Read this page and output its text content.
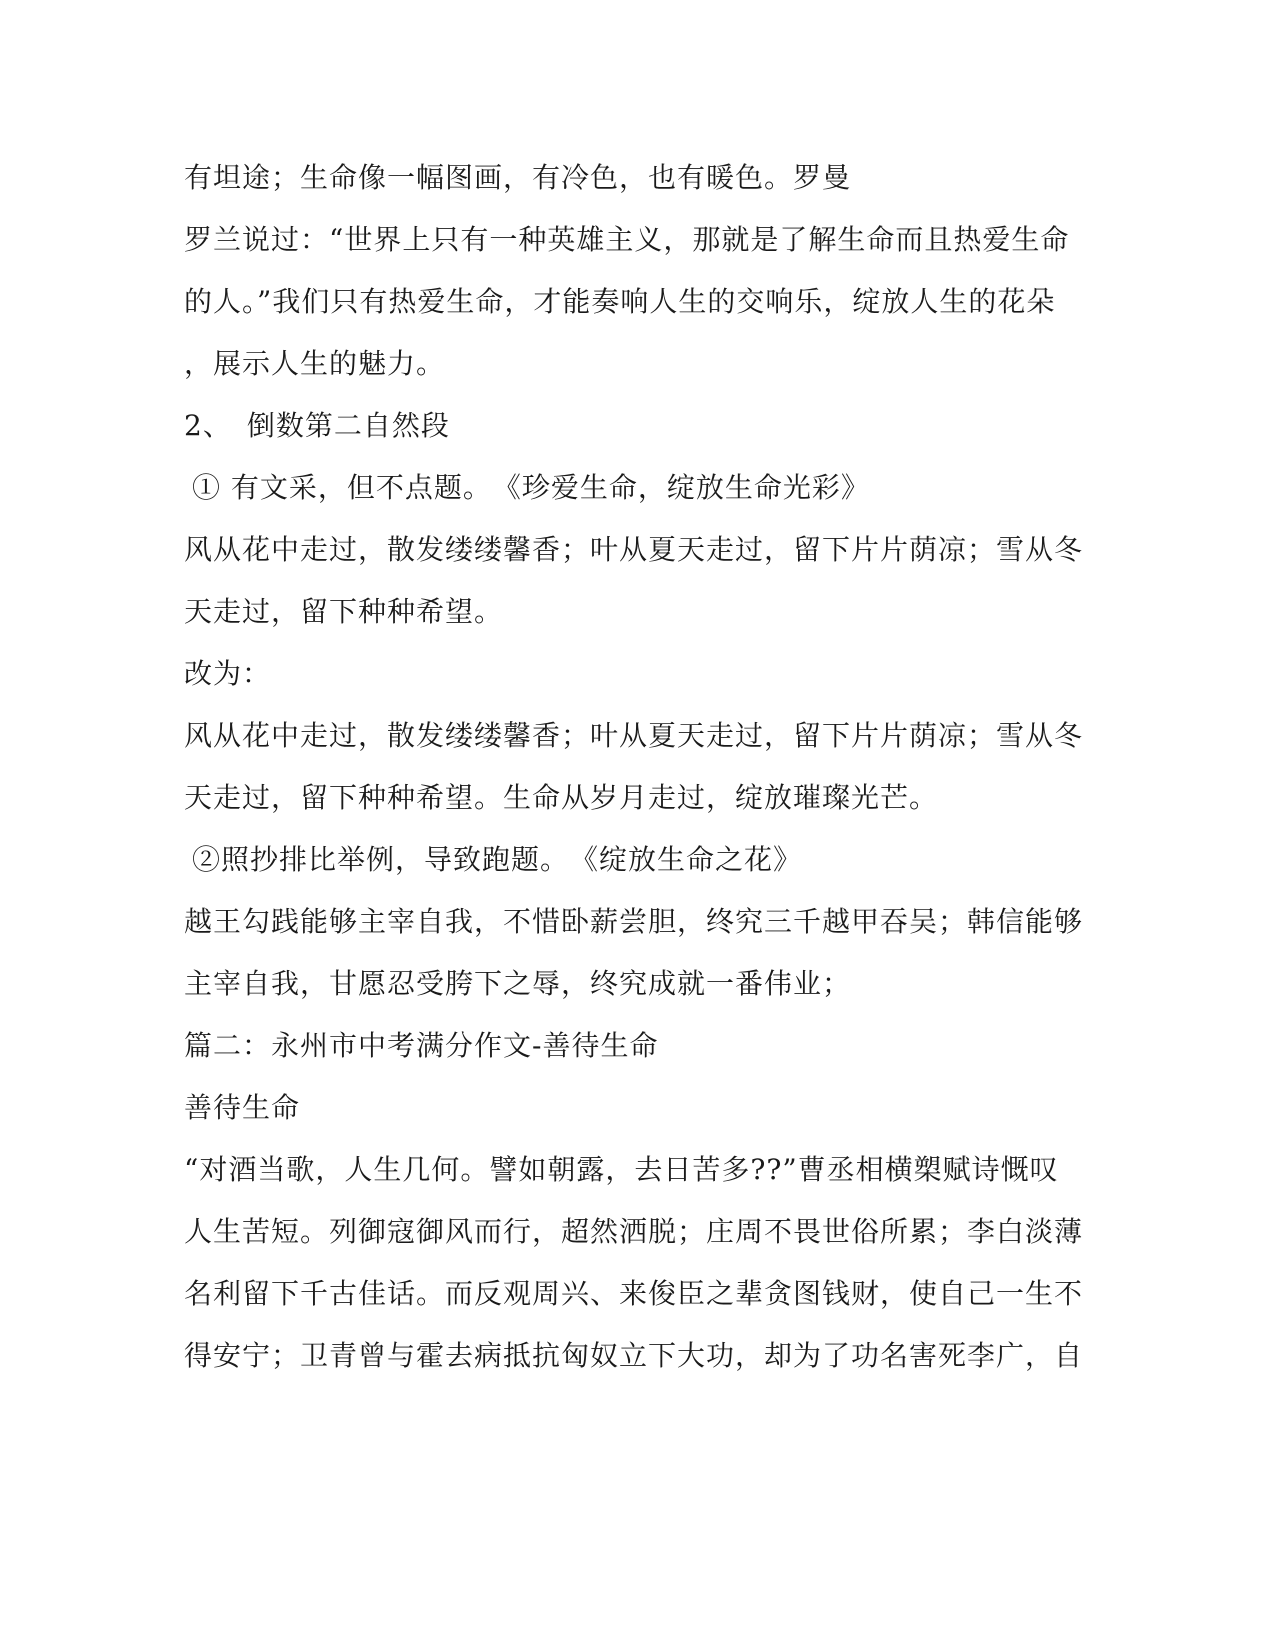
有坦途；生命像一幅图画，有冷色，也有暖色。罗曼
罗兰说过：“世界上只有一种英雄主义，那就是了解生命而且热爱生命
的人。”我们只有热爱生命，才能奏响人生的交响乐，绽放人生的花朵
，展示人生的魅力。
2、　倒数第二自然段
① 有文采，但不点题。　《珍爱生命，绽放生命光彩》
风从花中走过，散发缕缕馨香；叶从夏天走过，留下片片荫凉；雪从冬
天走过，留下种种希望。
改为：
风从花中走过，散发缕缕馨香；叶从夏天走过，留下片片荫凉；雪从冬
天走过，留下种种希望。生命从岁月走过，绽放璀璨光芒。
②照抄排比举例，导致跑题。　《绽放生命之花》
越王勾践能够主宰自我，不惜卧薪尝胆，终究三千越甲吞吴；韩信能够
主宰自我，甘愿忍受胯下之辱，终究成就一番伟业；
篇二：永州市中考满分作文-善待生命
善待生命
“对酒当歌，人生几何。譬如朝露，去日苦多??”曹丞相横槊赋诗慨叹
人生苦短。列御寇御风而行，超然洒脱；庄周不畏世俗所累；李白淡薄
名利留下千古佳话。而反观周兴、来俊臣之辈贪图钱财，使自己一生不
得安宁；卫青曾与霍去病抵抗匈奴立下大功，却为了功名害死李广，自
